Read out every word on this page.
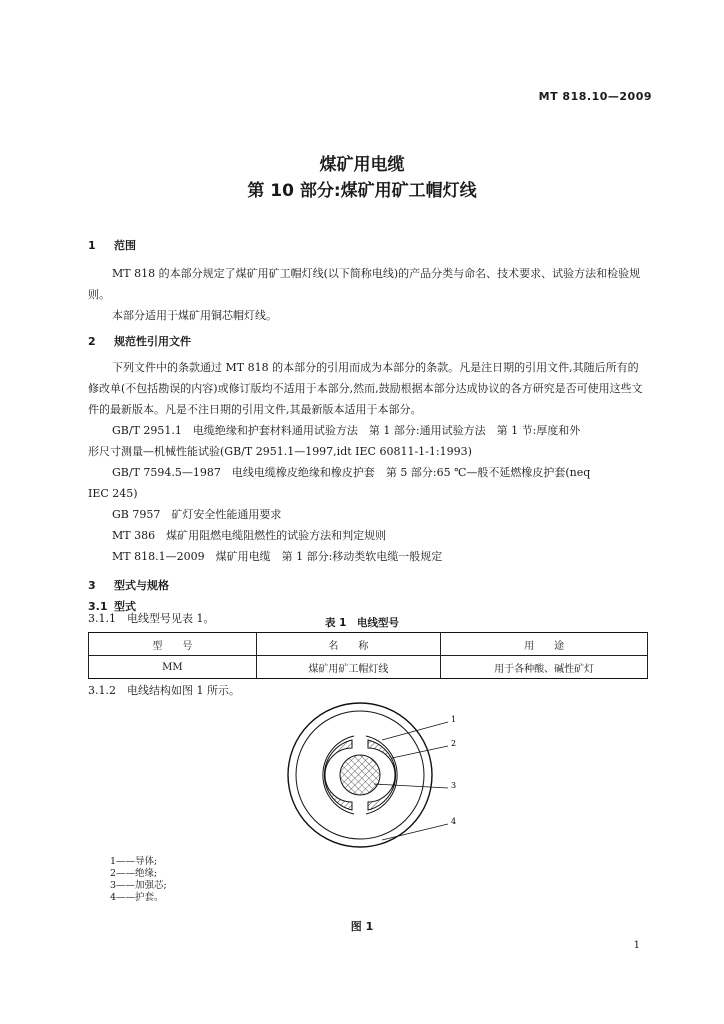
MT 818.10—2009
煤矿用电缆
第 10 部分:煤矿用矿工帽灯线
1 范围
MT 818 的本部分规定了煤矿用矿工帽灯线(以下简称电线)的产品分类与命名、技术要求、试验方法和检验规则。
本部分适用于煤矿用铜芯帽灯线。
2 规范性引用文件
下列文件中的条款通过 MT 818 的本部分的引用而成为本部分的条款。凡是注日期的引用文件,其随后所有的修改单(不包括勘误的内容)或修订版均不适用于本部分,然而,鼓励根据本部分达成协议的各方研究是否可使用这些文件的最新版本。凡是不注日期的引用文件,其最新版本适用于本部分。
GB/T 2951.1　电缆绝缘和护套材料通用试验方法　第 1 部分:通用试验方法　第 1 节:厚度和外
形尺寸测量—机械性能试验(GB/T 2951.1—1997,idt IEC 60811-1-1:1993)
GB/T 7594.5—1987　电线电缆橡皮绝缘和橡皮护套　第 5 部分:65 ℃—般不延燃橡皮护套(neq
IEC 245)
GB 7957　矿灯安全性能通用要求
MT 386　煤矿用阻燃电缆阻燃性的试验方法和判定规则
MT 818.1—2009　煤矿用电缆　第 1 部分:移动类软电缆一般规定
3 型式与规格
3.1 型式
3.1.1　电线型号见表 1。	表 1　电线型号
型　　号	名　　称	用　　途
MM	煤矿用矿工帽灯线	用于各种酸、碱性矿灯
3.1.2　电线结构如图 1 所示。
1
2
3
4
1——导体;
2——绝缘;
3——加强芯;
4——护套。
图 1
1
